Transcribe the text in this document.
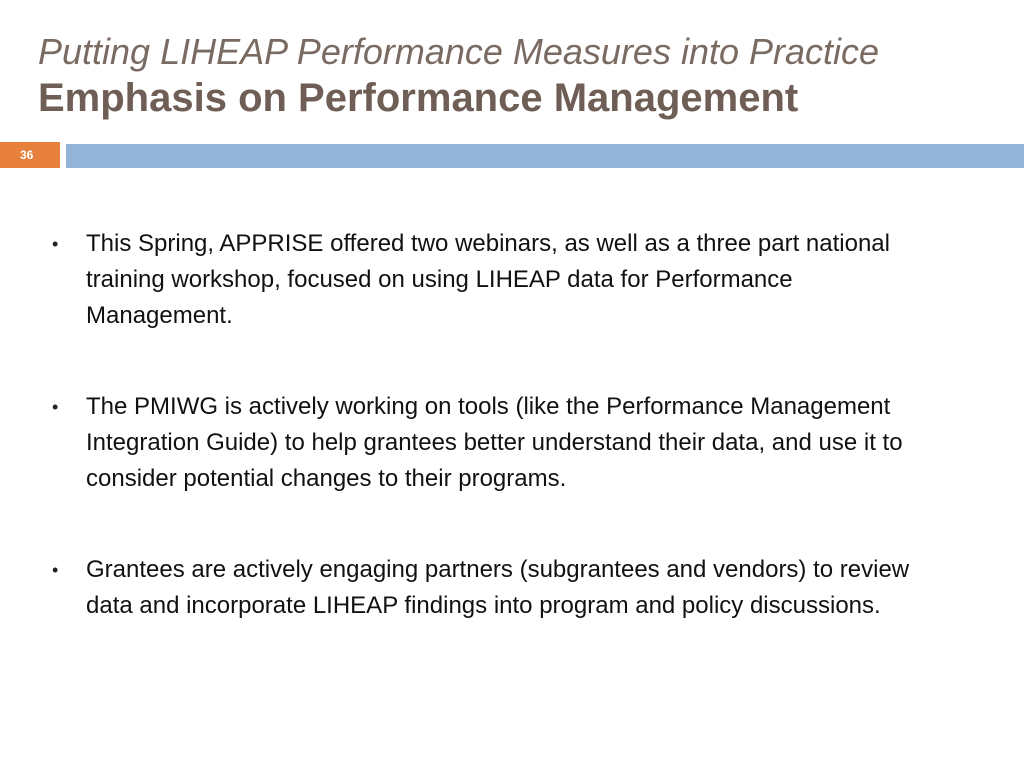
Putting LIHEAP Performance Measures into Practice
Emphasis on Performance Management
36
• This Spring, APPRISE offered two webinars, as well as a three part national training workshop, focused on using LIHEAP data for Performance Management.
• The PMIWG is actively working on tools (like the Performance Management Integration Guide) to help grantees better understand their data, and use it to consider potential changes to their programs.
• Grantees are actively engaging partners (subgrantees and vendors) to review data and incorporate LIHEAP findings into program and policy discussions.
